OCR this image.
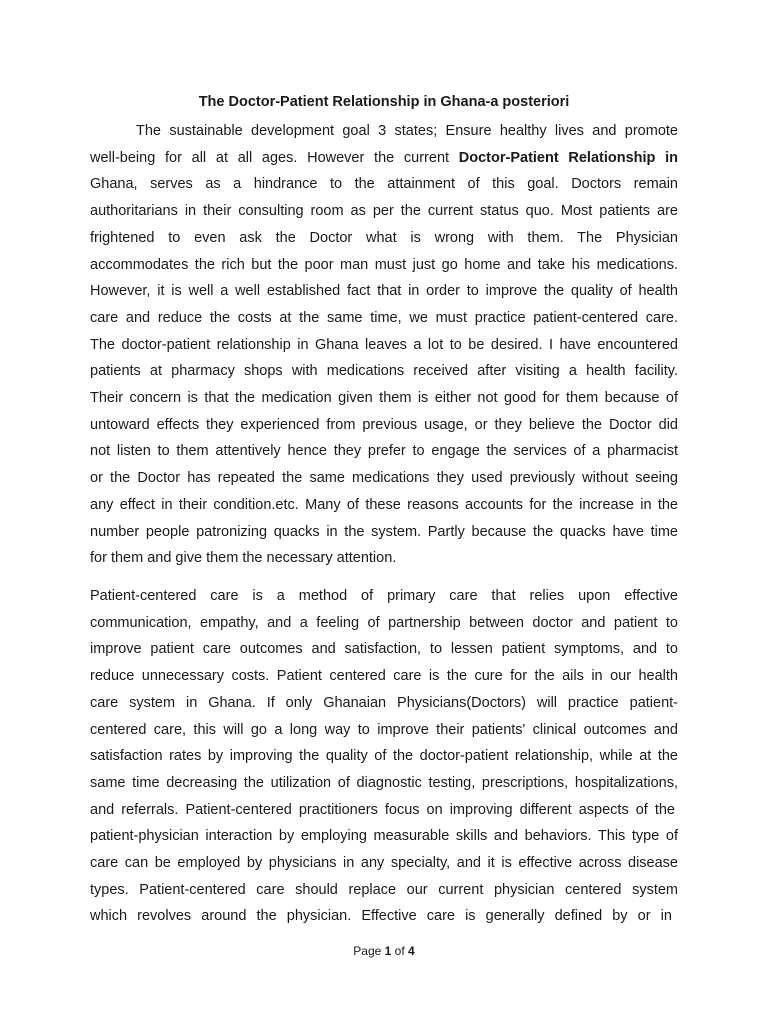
The Doctor-Patient Relationship in Ghana-a posteriori
The sustainable development goal 3 states; Ensure healthy lives and promote
well-being for all at all ages. However the current Doctor-Patient Relationship in
Ghana, serves as a hindrance to the attainment of this goal. Doctors remain
authoritarians in their consulting room as per the current status quo. Most patients are
frightened to even ask the Doctor what is wrong with them. The Physician
accommodates the rich but the poor man must just go home and take his medications.
However, it is well a well established fact that in order to improve the quality of health
care and reduce the costs at the same time, we must practice patient-centered care.
The doctor-patient relationship in Ghana leaves a lot to be desired. I have encountered
patients at pharmacy shops with medications received after visiting a health facility.
Their concern is that the medication given them is either not good for them because of
untoward effects they experienced from previous usage, or they believe the Doctor did
not listen to them attentively hence they prefer to engage the services of a pharmacist
or the Doctor has repeated the same medications they used previously without seeing
any effect in their condition.etc. Many of these reasons accounts for the increase in the
number people patronizing quacks in the system. Partly because the quacks have time
for them and give them the necessary attention.
Patient-centered care is a method of primary care that relies upon effective
communication, empathy, and a feeling of partnership between doctor and patient to
improve patient care outcomes and satisfaction, to lessen patient symptoms, and to
reduce unnecessary costs. Patient centered care is the cure for the ails in our health
care system in Ghana. If only Ghanaian Physicians(Doctors) will practice patient-
centered care, this will go a long way to improve their patients' clinical outcomes and
satisfaction rates by improving the quality of the doctor-patient relationship, while at the
same time decreasing the utilization of diagnostic testing, prescriptions, hospitalizations,
and referrals. Patient-centered practitioners focus on improving different aspects of the
patient-physician interaction by employing measurable skills and behaviors. This type of
care can be employed by physicians in any specialty, and it is effective across disease
types. Patient-centered care should replace our current physician centered system
which revolves around the physician. Effective care is generally defined by or in
Page 1 of 4
